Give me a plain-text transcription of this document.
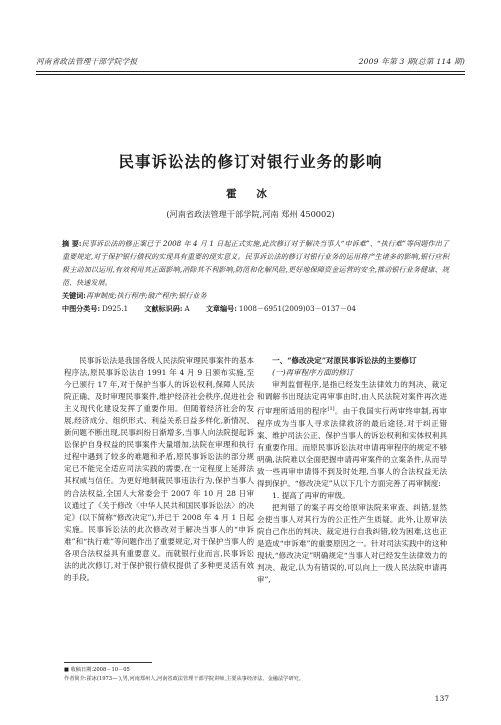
河南省政法管理干部学院学报	2009 年第 3 期(总第 114 期)
民事诉讼法的修订对银行业务的影响
霍 冰
(河南省政法管理干部学院,河南 郑州 450002)
摘 要:民事诉讼法的修正案已于 2008 年 4 月 1 日起正式实施,此次修订对于解决当事人“申诉难”、“执行难”等问题作出了重要规定,对于保护银行债权的实现具有重要的现实意义。民事诉讼法的修订对银行业务的运用将产生诸多的影响,银行应积极主动加以运用,有效利用其正面影响,消除其不利影响,防范和化解风险,更好地保障资金运营的安全,推动银行业务健康、规范、快速发展。
关键词:再审制度;执行程序;破产程序;银行业务
中图分类号: D925.1 文献标识码: A 文章编号: 1008－6951(2009)03－0137－04

民事诉讼法是我国各级人民法院审理民事案件的基本程序法,原民事诉讼法自 1991 年 4 月 9 日颁布实施,至今已颁行 17 年,对于保护当事人的诉讼权利,保障人民法院正确、及时审理民事案件,维护经济社会秩序,促进社会主义现代化建设发挥了重要作用。但随着经济社会的发展,经济成分、组织形式、利益关系日益多样化,新情况、新问题不断出现,民事纠纷日渐增多,当事人向法院提起诉讼保护自身权益的民事案件大量增加,法院在审理和执行过程中遇到了较多的难题和矛盾,原民事诉讼法的部分规定已不能完全适应司法实践的需要,在一定程度上延滞法其权威与信任。为更好地制裁民事违法行为,保护当事人的合法权益,全国人大常委会于 2007 年 10 月 28 日审议通过了《关于修改〈中华人民共和国民事诉讼法〉的决定》(以下简称“修改决定”),并已于 2008 年 4 月 1 日起实施。民事诉讼法的此次修改对于解决当事人的“申诉难”和“执行难”等问题作出了重要规定,对于保护当事人的各项合法权益具有重要意义。而就银行业而言,民事诉讼法的此次修订,对于保护银行债权提供了多种更灵活有效的手段。

一、“修改决定”对原民事诉讼法的主要修订

(一)再审程序方面的修订

审判监督程序,是指已经发生法律效力的判决、裁定和调解书出现法定再审事由时,由人民法院对案件再次进行审理所适用的程序[1]。由于我国实行两审终审制,再审程序成为当事人寻求法律救济的最后途径,对于纠正错案、维护司法公正、保护当事人的诉讼权利和实体权利具有重要作用。而原民事诉讼法对申请再审程序的规定不够明确,法院难以全面把握申请再审案件的立案条件,从而导致一些再审申请得不到及时处理,当事人的合法权益无法得到保护。“修改决定”从以下几个方面完善了再审制度:

1. 提高了再审的审级。

把判错了的案子再交给原审法院来审查、纠错,显然会使当事人对其行为的公正性产生质疑。此外,让原审法院自己作出的判决、裁定进行自我纠错,较为困难,这也正是造成“申诉难”的重要原因之一。针对司法实践中的这种现状,“修改决定”明确规定“当事人对已经发生法律效力的判决、裁定,认为有错误的,可以向上一级人民法院申请再审”,

■ 收稿日期:2008－10－05
作者简介:霍冰(1973— ),男,河南郑州人,河南省政法管理干部学院讲师,主要从事经济法、金融法学研究。
137
